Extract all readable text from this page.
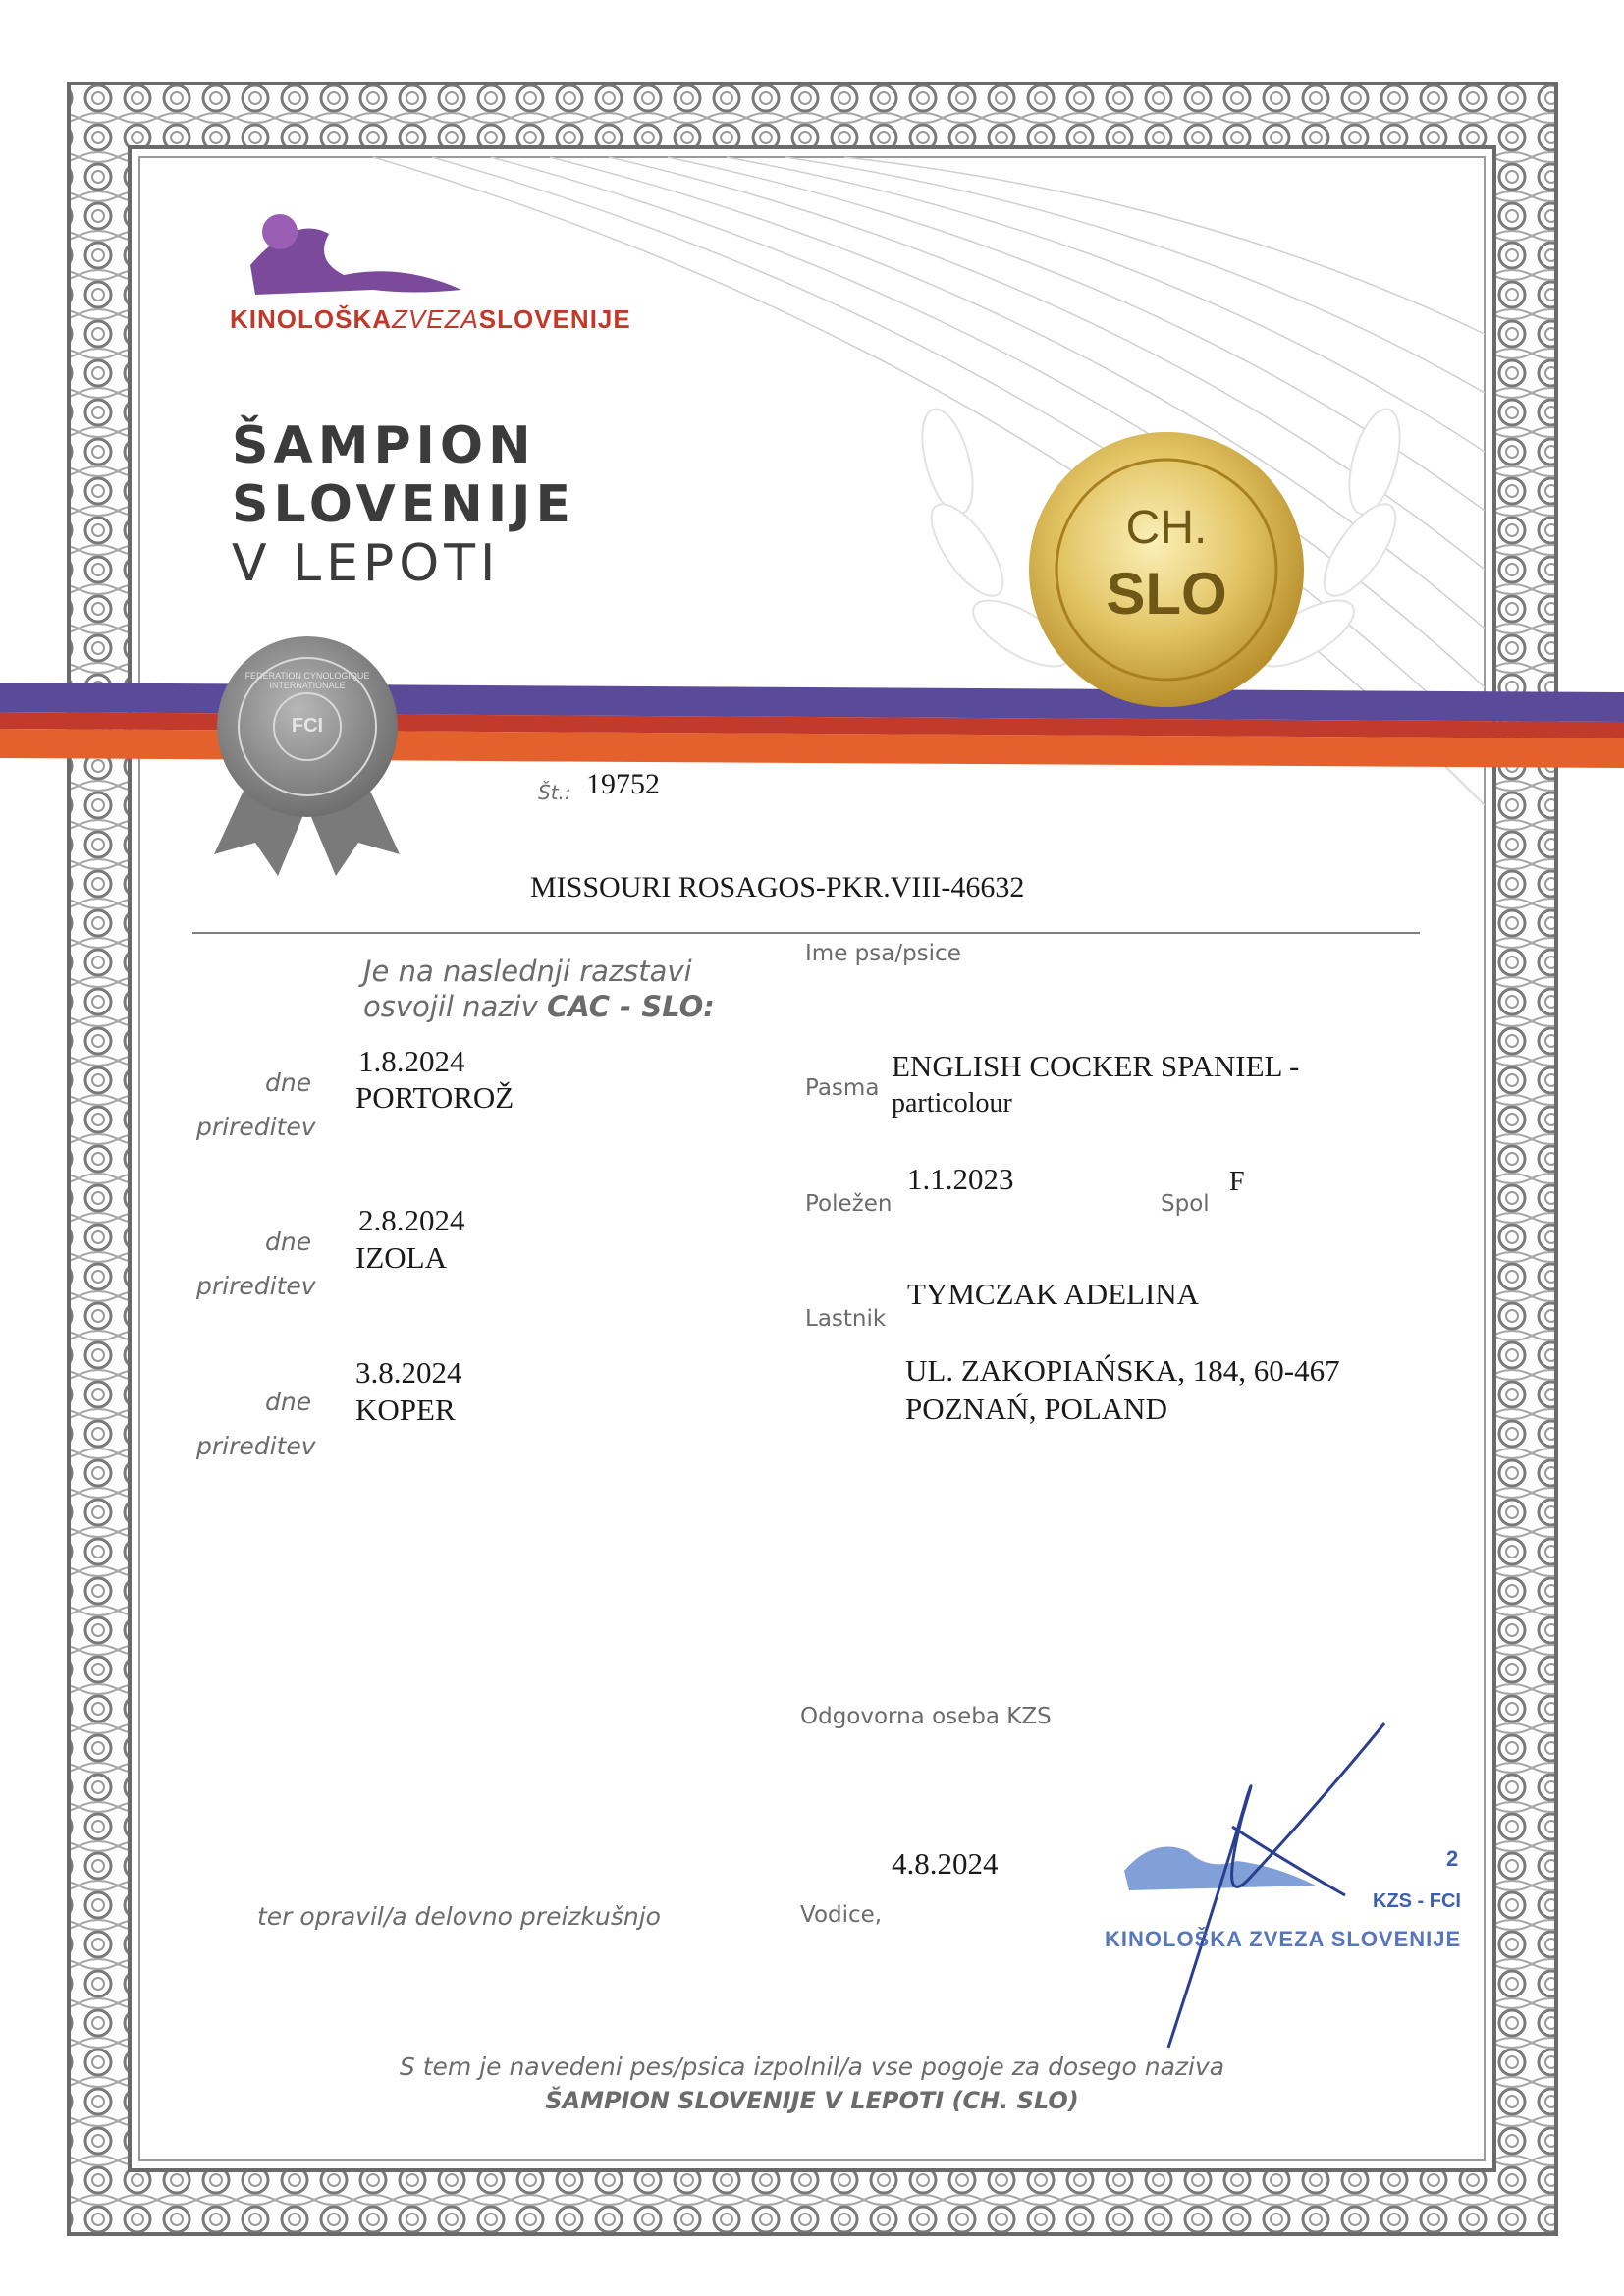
KINOLOŠKAZVEZASLOVENIJE
ŠAMPION
SLOVENIJE
V LEPOTI
CH.
SLO
FCI
FEDERATION CYNOLOGIQUE INTERNATIONALE
Št.: 19752
MISSOURI ROSAGOS-PKR.VIII-46632
Ime psa/psice
Je na naslednji razstavi
osvojil naziv CAC - SLO:
dne
1.8.2024
PORTOROŽ
prireditev
dne
2.8.2024
IZOLA
prireditev
dne
3.8.2024
KOPER
prireditev
Pasma
ENGLISH COCKER SPANIEL -
particolour
Poležen
1.1.2023
Spol
F
Lastnik
TYMCZAK ADELINA
UL. ZAKOPIAŃSKA, 184, 60-467
POZNAŃ, POLAND
Odgovorna oseba KZS
ter opravil/a delovno preizkušnjo
4.8.2024
Vodice,
KZS - FCI
KINOLOŠKA ZVEZA SLOVENIJE
2
S tem je navedeni pes/psica izpolnil/a vse pogoje za dosego naziva
ŠAMPION SLOVENIJE V LEPOTI (CH. SLO)
